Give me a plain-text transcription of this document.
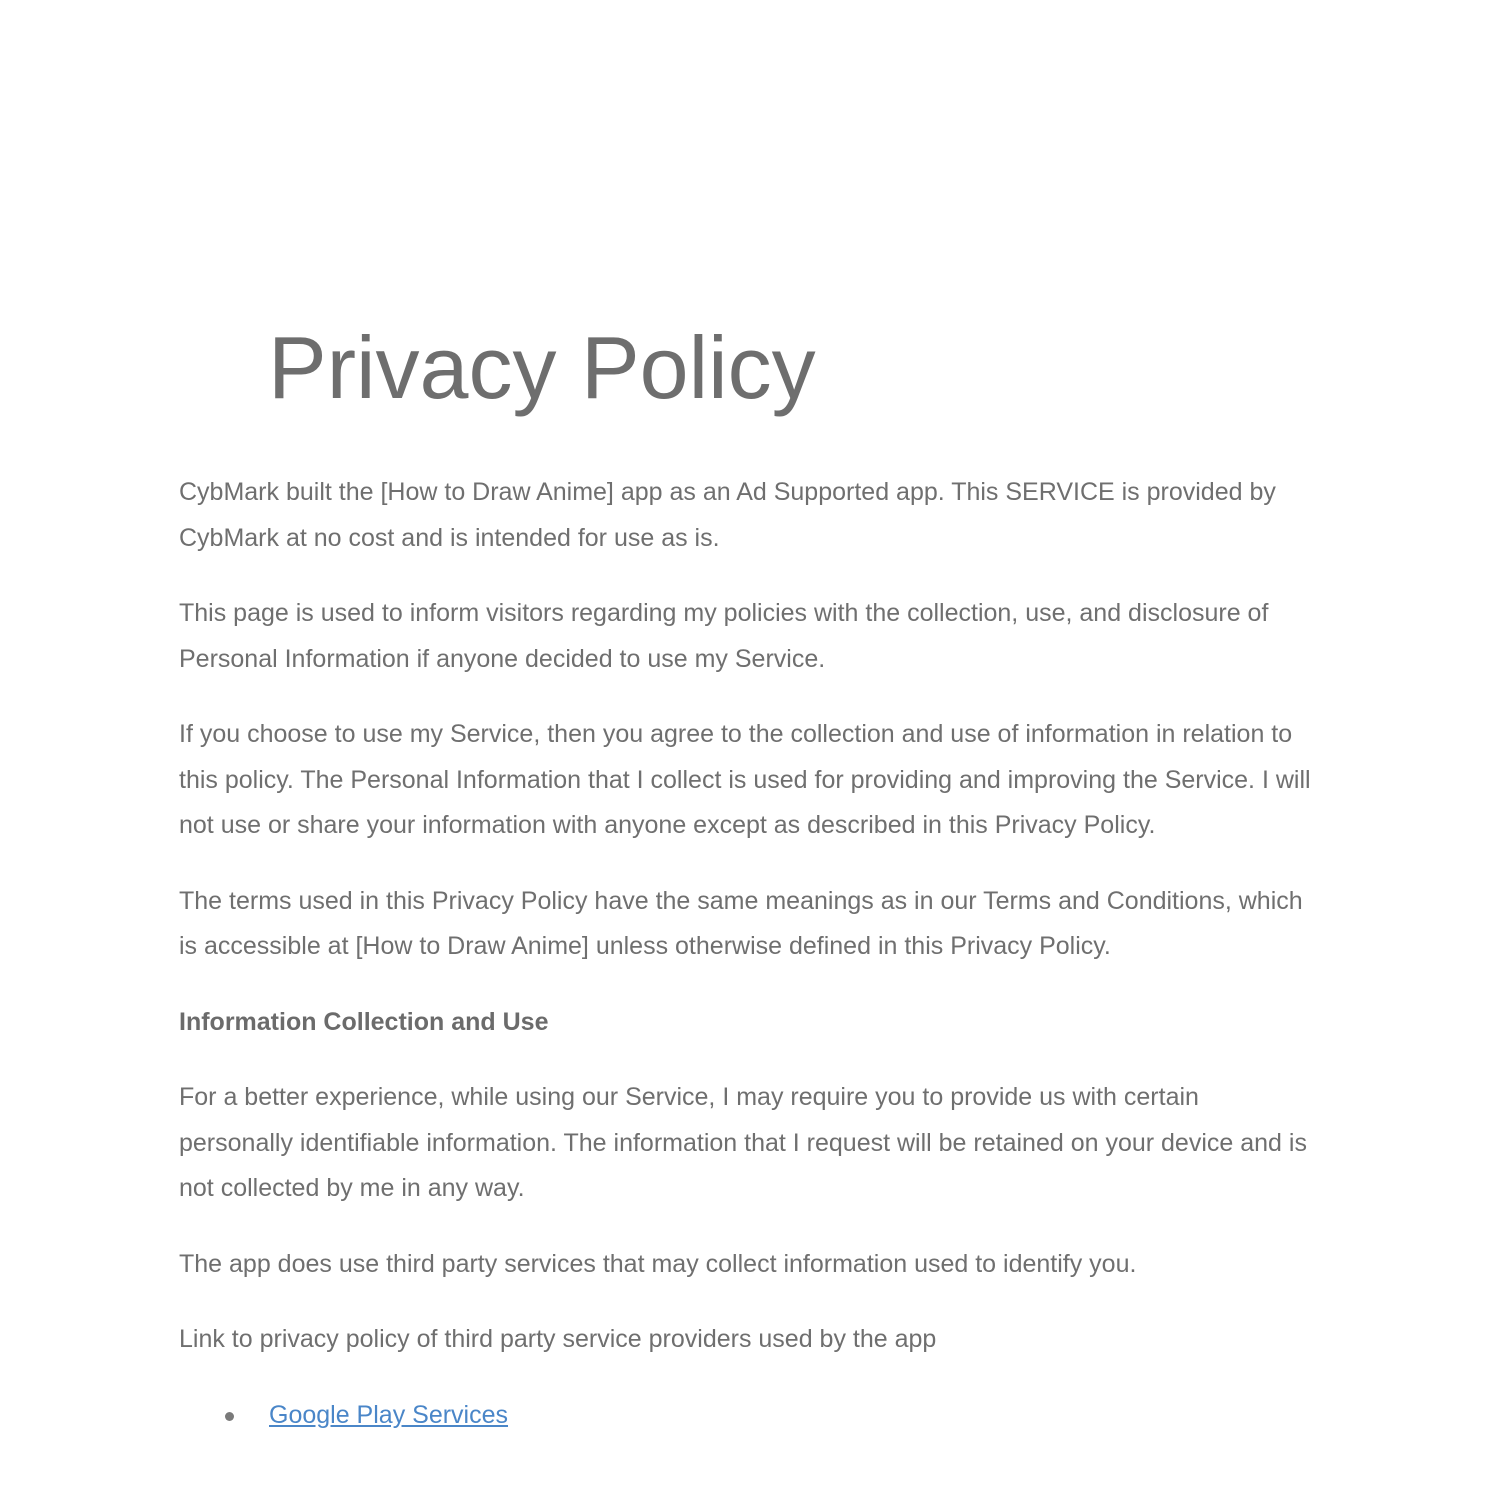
Privacy Policy

CybMark built the [How to Draw Anime] app as an Ad Supported app. This SERVICE is provided by CybMark at no cost and is intended for use as is.

This page is used to inform visitors regarding my policies with the collection, use, and disclosure of Personal Information if anyone decided to use my Service.

If you choose to use my Service, then you agree to the collection and use of information in relation to this policy. The Personal Information that I collect is used for providing and improving the Service. I will not use or share your information with anyone except as described in this Privacy Policy.

The terms used in this Privacy Policy have the same meanings as in our Terms and Conditions, which is accessible at [How to Draw Anime] unless otherwise defined in this Privacy Policy.

Information Collection and Use

For a better experience, while using our Service, I may require you to provide us with certain personally identifiable information. The information that I request will be retained on your device and is not collected by me in any way.

The app does use third party services that may collect information used to identify you.

Link to privacy policy of third party service providers used by the app

Google Play Services
